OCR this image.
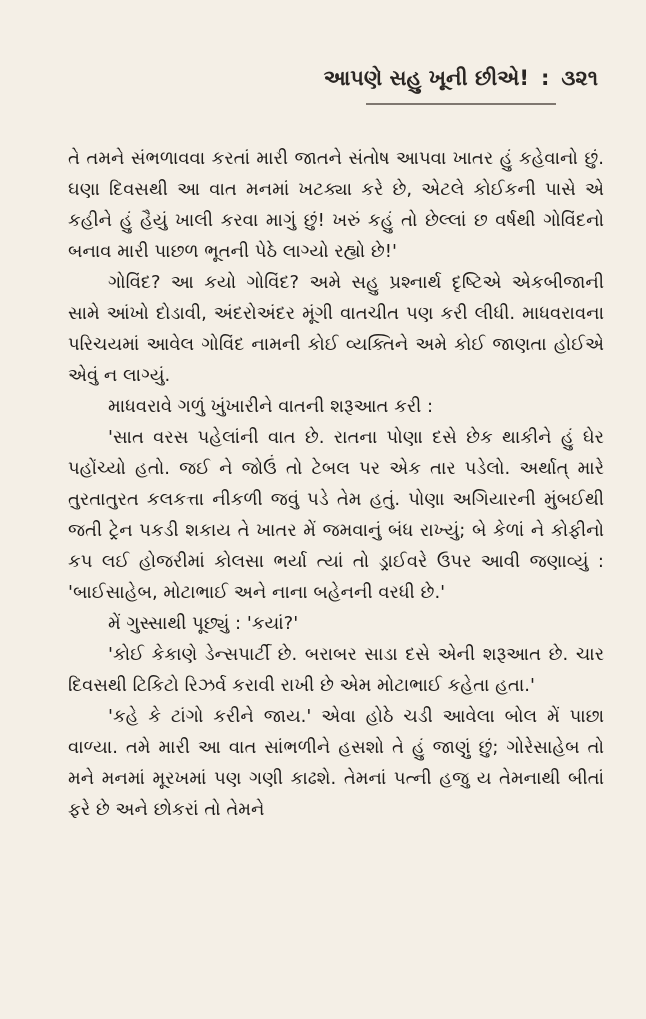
આપણે સહુ ખૂની છીએ! : ૩૨૧

તે તમને સંભળાવવા કરતાં મારી જાતને સંતોષ આપવા ખાતર હું કહેવાનો છું. ઘણા દિવસથી આ વાત મનમાં ખટક્યા કરે છે, એટલે કોઈકની પાસે એ કહીને હું હૈયું ખાલી કરવા માગું છું! ખરું કહું તો છેલ્લાં છ વર્ષથી ગોવિંદનો બનાવ મારી પાછળ ભૂતની પેઠે લાગ્યો રહ્યો છે!'

ગોવિંદ? આ કયો ગોવિંદ? અમે સહુ પ્રશ્નાર્થ દૃષ્ટિએ એકબીજાની સામે આંખો દોડાવી, અંદરોઅંદર મૂંગી વાતચીત પણ કરી લીધી. માધવરાવના પરિચયમાં આવેલ ગોવિંદ નામની કોઈ વ્યક્તિને અમે કોઈ જાણતા હોઈએ એવું ન લાગ્યું.

માધવરાવે ગળું ખુંખારીને વાતની શરૂઆત કરી :

'સાત વરસ પહેલાંની વાત છે. રાતના પોણા દસે છેક થાકીને હું ઘેર પહોંચ્યો હતો. જઈ ને જોઉં તો ટેબલ પર એક તાર પડેલો. અર્થાત્ મારે તુરતાતુરત કલકત્તા નીકળી જવું પડે તેમ હતું. પોણા અગિયારની મુંબઈથી જતી ટ્રેન પકડી શકાય તે ખાતર મેં જમવાનું બંધ રાખ્યું; બે કેળાં ને કોફીનો કપ લઈ હોજરીમાં કોલસા ભર્યા ત્યાં તો ડ્રાઈવરે ઉપર આવી જણાવ્યું : 'બાઈસાહેબ, મોટાભાઈ અને નાના બહેનની વરધી છે.'

મેં ગુસ્સાથી પૂછ્યું : 'કયાં?'

'કોઈ કેકાણે ડેન્સપાર્ટી છે. બરાબર સાડા દસે એની શરૂઆત છે. ચાર દિવસથી ટિકિટો રિઝર્વ કરાવી રાખી છે એમ મોટાભાઈ કહેતા હતા.'

'કહે કે ટાંગો કરીને જાય.' એવા હોઠે ચડી આવેલા બોલ મેં પાછા વાળ્યા. તમે મારી આ વાત સાંભળીને હસશો તે હું જાણું છું; ગોરેસાહેબ તો મને મનમાં મૂરખમાં પણ ગણી કાઢશે. તેમનાં પત્ની હજુ ય તેમનાથી બીતાં ફરે છે અને છોકરાં તો તેમને
